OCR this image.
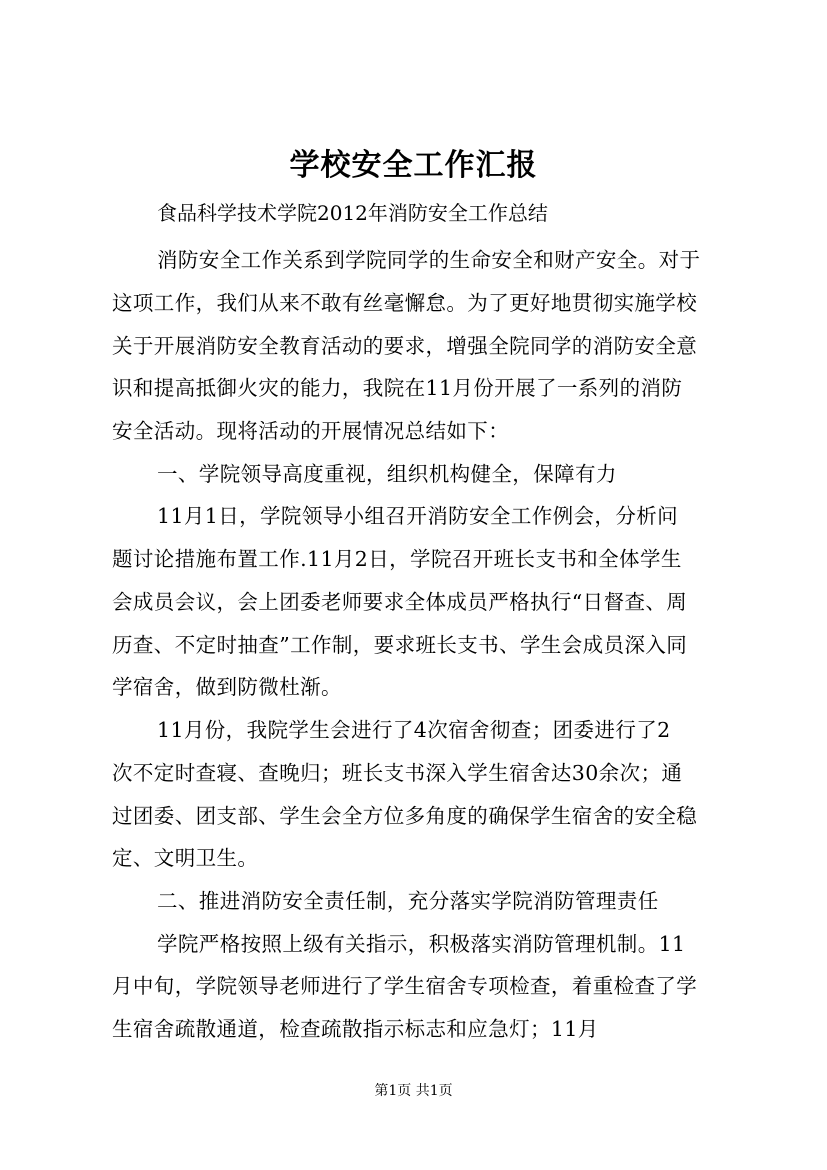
学校安全工作汇报

食品科学技术学院2012年消防安全工作总结

消防安全工作关系到学院同学的生命安全和财产安全。对于

这项工作，我们从来不敢有丝毫懈怠。为了更好地贯彻实施学校

关于开展消防安全教育活动的要求，增强全院同学的消防安全意

识和提高抵御火灾的能力，我院在11月份开展了一系列的消防

安全活动。现将活动的开展情况总结如下：

一、学院领导高度重视，组织机构健全，保障有力

11月1日，学院领导小组召开消防安全工作例会，分析问

题讨论措施布置工作.11月2日，学院召开班长支书和全体学生

会成员会议，会上团委老师要求全体成员严格执行“日督查、周

历查、不定时抽查”工作制，要求班长支书、学生会成员深入同

学宿舍，做到防微杜渐。

11月份，我院学生会进行了4次宿舍彻查；团委进行了2

次不定时查寝、查晚归；班长支书深入学生宿舍达30余次；通

过团委、团支部、学生会全方位多角度的确保学生宿舍的安全稳

定、文明卫生。

二、推进消防安全责任制，充分落实学院消防管理责任

学院严格按照上级有关指示，积极落实消防管理机制。11

月中旬，学院领导老师进行了学生宿舍专项检查，着重检查了学

生宿舍疏散通道，检查疏散指示标志和应急灯；11月

第1页 共1页
